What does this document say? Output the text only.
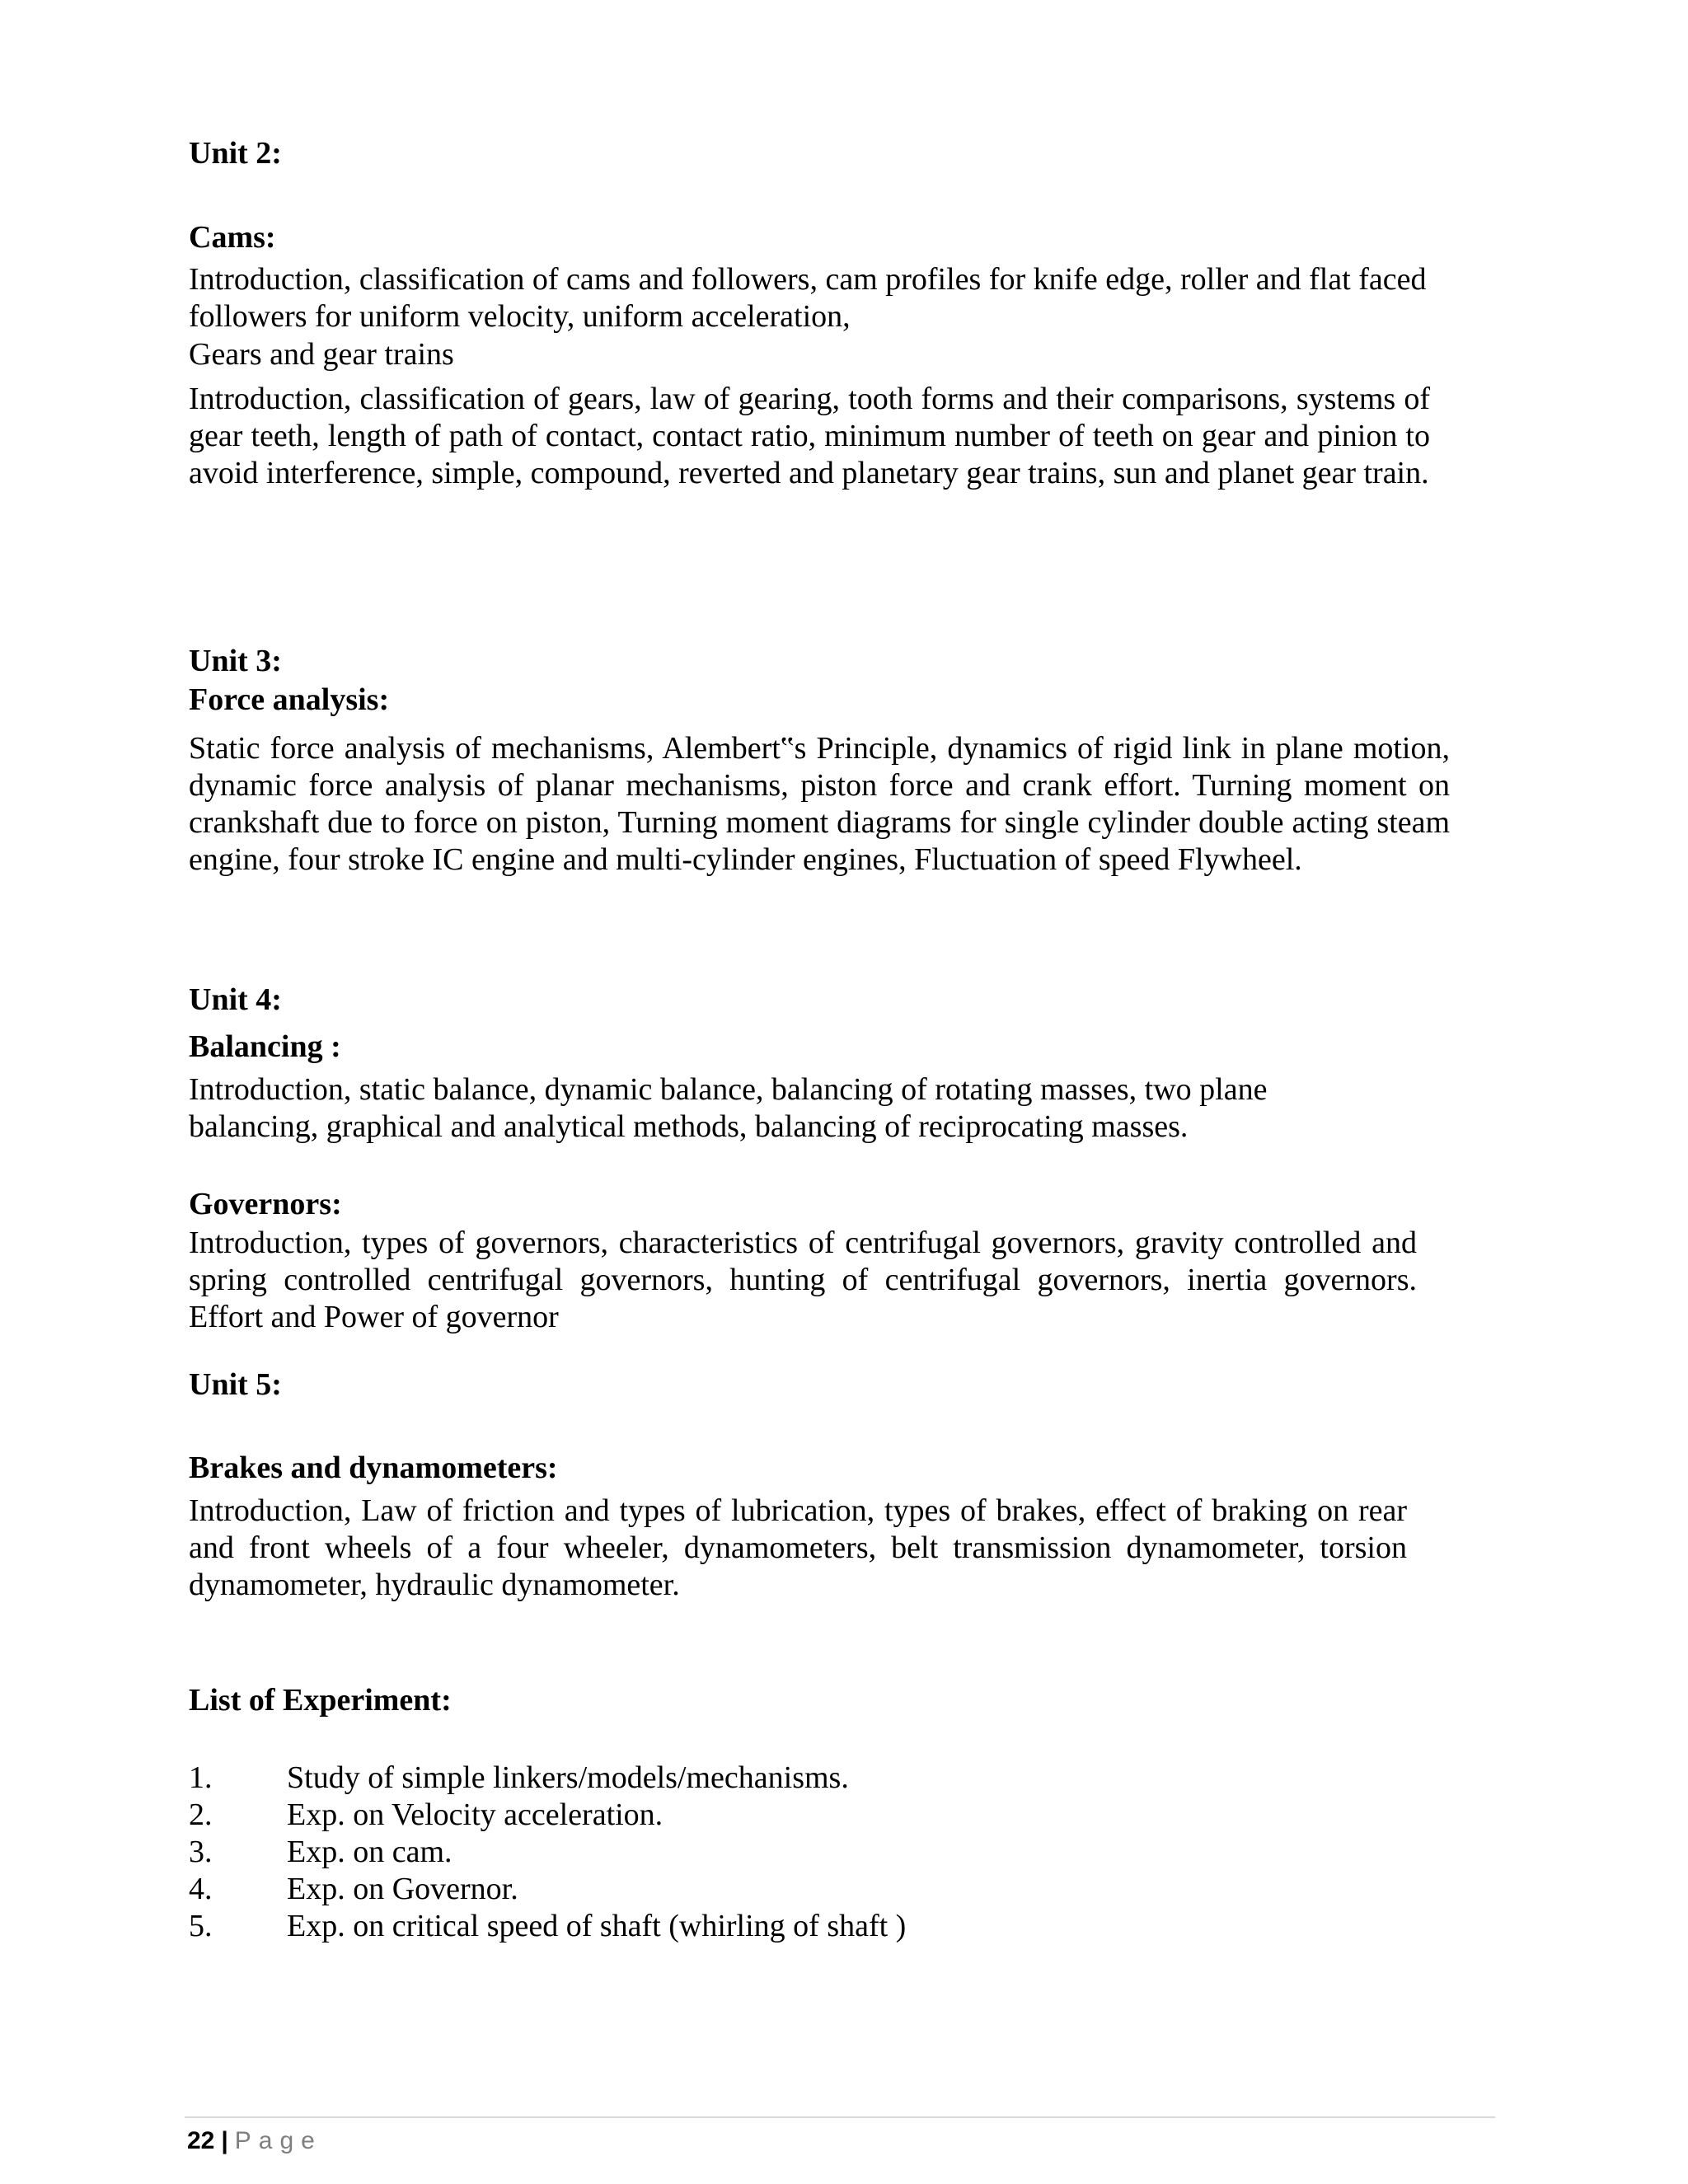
Unit 2:
Cams:
Introduction, classification of cams and followers, cam profiles for knife edge, roller and flat faced followers for uniform velocity, uniform acceleration,
Gears and gear trains
Introduction, classification of gears, law of gearing, tooth forms and their comparisons, systems of gear teeth, length of path of contact, contact ratio, minimum number of teeth on gear and pinion to avoid interference, simple, compound, reverted and planetary gear trains, sun and planet gear train.
Unit 3:
Force analysis:
Static force analysis of mechanisms, Alembert‟s Principle, dynamics of rigid link in plane motion, dynamic force analysis of planar mechanisms, piston force and crank effort. Turning moment on crankshaft due to force on piston, Turning moment diagrams for single cylinder double acting steam engine, four stroke IC engine and multi-cylinder engines, Fluctuation of speed Flywheel.
Unit 4:
Balancing :
Introduction, static balance, dynamic balance, balancing of rotating masses, two plane balancing, graphical and analytical methods, balancing of reciprocating masses.
Governors:
Introduction, types of governors, characteristics of centrifugal governors, gravity controlled and spring controlled centrifugal governors, hunting of centrifugal governors, inertia governors. Effort and Power of governor
Unit 5:
Brakes and dynamometers:
Introduction, Law of friction and types of lubrication, types of brakes, effect of braking on rear and front wheels of a four wheeler, dynamometers, belt transmission dynamometer, torsion dynamometer, hydraulic dynamometer.
List of Experiment:
1. Study of simple linkers/models/mechanisms.
2. Exp. on Velocity acceleration.
3. Exp. on cam.
4. Exp. on Governor.
5. Exp. on critical speed of shaft (whirling of shaft )
22 | Page
